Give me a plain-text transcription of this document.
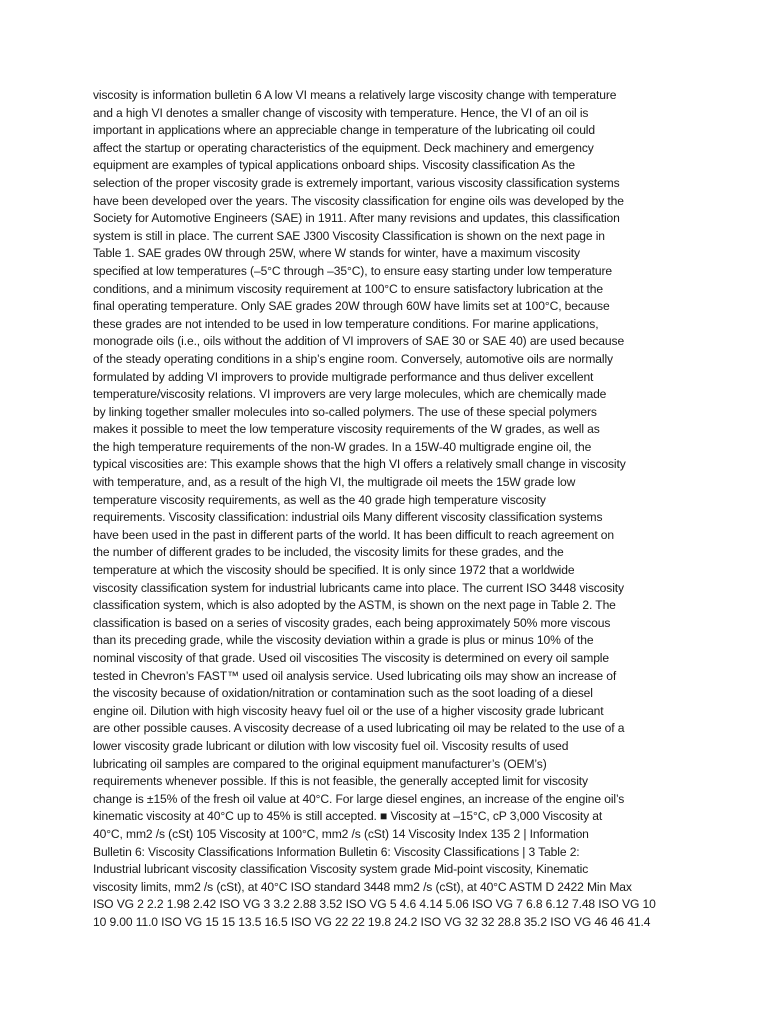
viscosity is information bulletin 6 A low VI means a relatively large viscosity change with temperature
and a high VI denotes a smaller change of viscosity with temperature. Hence, the VI of an oil is
important in applications where an appreciable change in temperature of the lubricating oil could
affect the startup or operating characteristics of the equipment. Deck machinery and emergency
equipment are examples of typical applications onboard ships. Viscosity classification As the
selection of the proper viscosity grade is extremely important, various viscosity classification systems
have been developed over the years. The viscosity classification for engine oils was developed by the
Society for Automotive Engineers (SAE) in 1911. After many revisions and updates, this classification
system is still in place. The current SAE J300 Viscosity Classification is shown on the next page in
Table 1. SAE grades 0W through 25W, where W stands for winter, have a maximum viscosity
specified at low temperatures (–5°C through –35°C), to ensure easy starting under low temperature
conditions, and a minimum viscosity requirement at 100°C to ensure satisfactory lubrication at the
final operating temperature. Only SAE grades 20W through 60W have limits set at 100°C, because
these grades are not intended to be used in low temperature conditions. For marine applications,
monograde oils (i.e., oils without the addition of VI improvers of SAE 30 or SAE 40) are used because
of the steady operating conditions in a ship’s engine room. Conversely, automotive oils are normally
formulated by adding VI improvers to provide multigrade performance and thus deliver excellent
temperature/viscosity relations. VI improvers are very large molecules, which are chemically made
by linking together smaller molecules into so-called polymers. The use of these special polymers
makes it possible to meet the low temperature viscosity requirements of the W grades, as well as
the high temperature requirements of the non-W grades. In a 15W-40 multigrade engine oil, the
typical viscosities are: This example shows that the high VI offers a relatively small change in viscosity
with temperature, and, as a result of the high VI, the multigrade oil meets the 15W grade low
temperature viscosity requirements, as well as the 40 grade high temperature viscosity
requirements. Viscosity classification: industrial oils Many different viscosity classification systems
have been used in the past in different parts of the world. It has been difficult to reach agreement on
the number of different grades to be included, the viscosity limits for these grades, and the
temperature at which the viscosity should be specified. It is only since 1972 that a worldwide
viscosity classification system for industrial lubricants came into place. The current ISO 3448 viscosity
classification system, which is also adopted by the ASTM, is shown on the next page in Table 2. The
classification is based on a series of viscosity grades, each being approximately 50% more viscous
than its preceding grade, while the viscosity deviation within a grade is plus or minus 10% of the
nominal viscosity of that grade. Used oil viscosities The viscosity is determined on every oil sample
tested in Chevron’s FAST™ used oil analysis service. Used lubricating oils may show an increase of
the viscosity because of oxidation/nitration or contamination such as the soot loading of a diesel
engine oil. Dilution with high viscosity heavy fuel oil or the use of a higher viscosity grade lubricant
are other possible causes. A viscosity decrease of a used lubricating oil may be related to the use of a
lower viscosity grade lubricant or dilution with low viscosity fuel oil. Viscosity results of used
lubricating oil samples are compared to the original equipment manufacturer’s (OEM’s)
requirements whenever possible. If this is not feasible, the generally accepted limit for viscosity
change is ±15% of the fresh oil value at 40°C. For large diesel engines, an increase of the engine oil’s
kinematic viscosity at 40°C up to 45% is still accepted. ■ Viscosity at –15°C, cP 3,000 Viscosity at
40°C, mm2 /s (cSt) 105 Viscosity at 100°C, mm2 /s (cSt) 14 Viscosity Index 135 2 | Information
Bulletin 6: Viscosity Classifications Information Bulletin 6: Viscosity Classifications | 3 Table 2:
Industrial lubricant viscosity classification Viscosity system grade Mid-point viscosity, Kinematic
viscosity limits, mm2 /s (cSt), at 40°C ISO standard 3448 mm2 /s (cSt), at 40°C ASTM D 2422 Min Max
ISO VG 2 2.2 1.98 2.42 ISO VG 3 3.2 2.88 3.52 ISO VG 5 4.6 4.14 5.06 ISO VG 7 6.8 6.12 7.48 ISO VG 10
10 9.00 11.0 ISO VG 15 15 13.5 16.5 ISO VG 22 22 19.8 24.2 ISO VG 32 32 28.8 35.2 ISO VG 46 46 41.4
